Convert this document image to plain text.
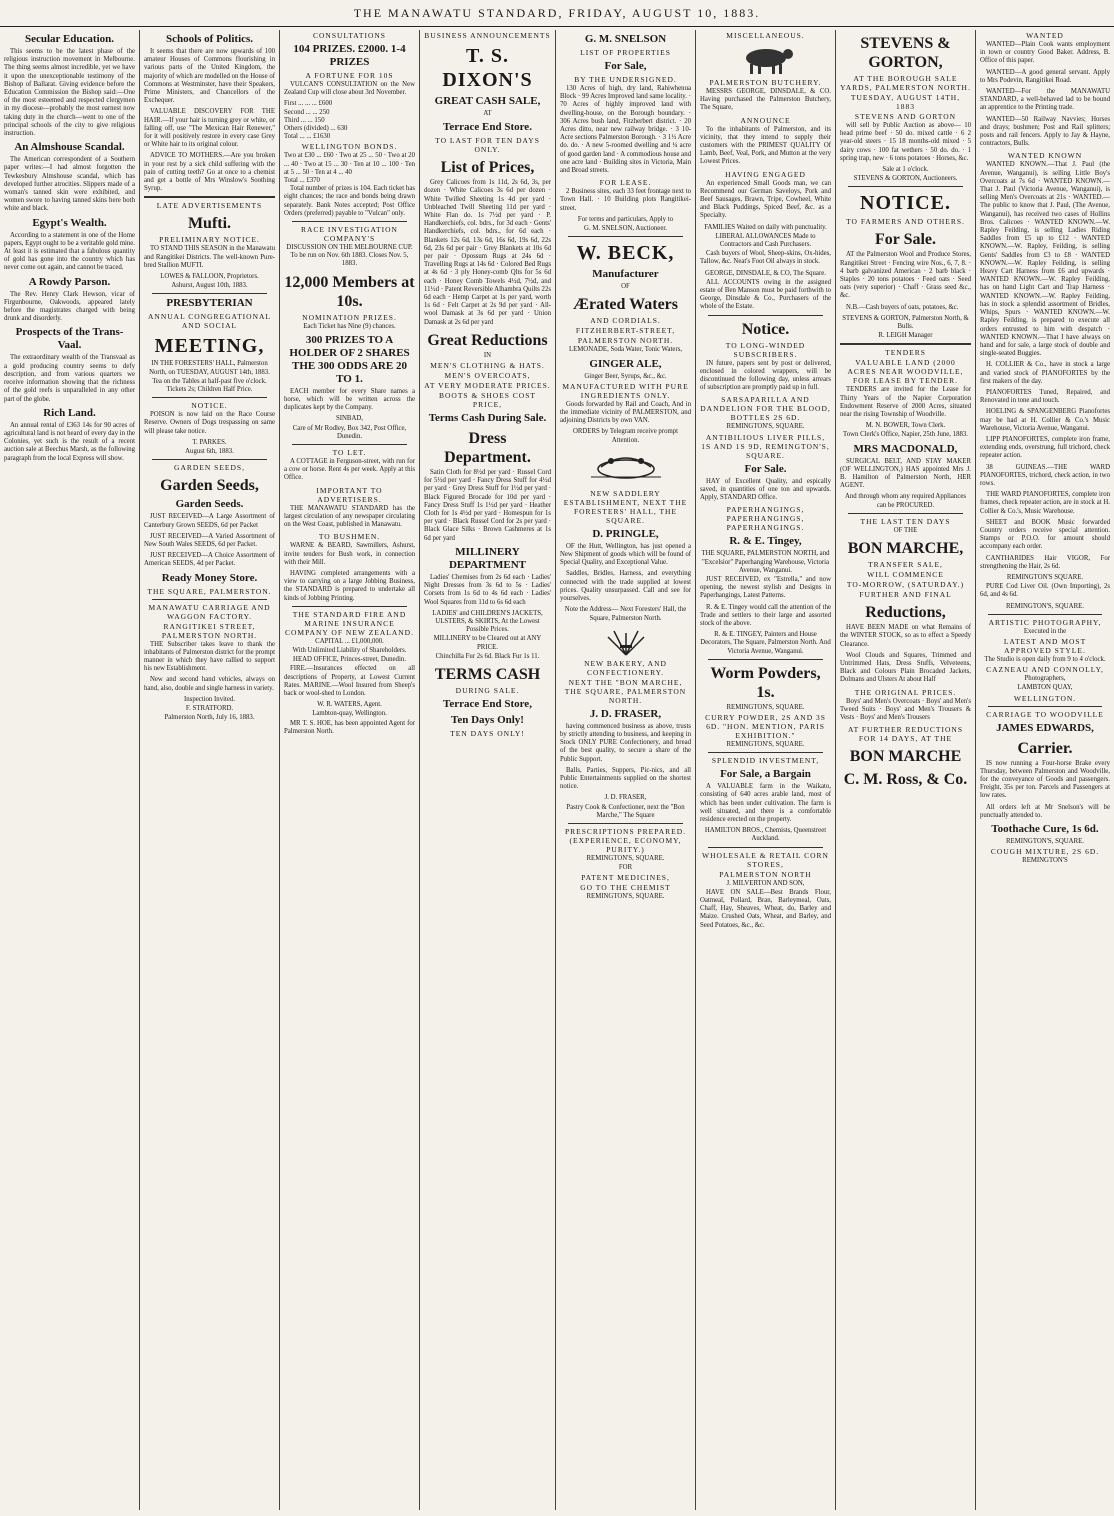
THE MANAWATU STANDARD, FRIDAY, AUGUST 10, 1883.
Secular Education.
This seems to be the latest phase of the religious instruction movement in Melbourne. The thing seems almost incredible, yet we have it upon the unexceptionable testimony of the Bishop of Ballarat. Giving evidence before the Education Commission the Bishop said:—One of the most esteemed and respected clergymen in my diocese—probably the most earnest now taking duty in the church—went to one of the principal schools of the city to give religious instruction.
An Almshouse Scandal.
The American correspondent of a Southern paper writes:—I had almost forgotten the Tewkesbury Almshouse scandal, which has developed further atrocities. Slippers made of a woman's tanned skin were exhibited, and women swore to having tanned skins here both white and black.
Egypt's Wealth.
According to a statement in one of the Home papers, Egypt ought to be a veritable gold mine. At least it is estimated that a fabulous quantity of gold has gone into the country which has never come out again, and cannot be traced.
A Rowdy Parson.
The Rev. Henry Clark Hewson, vicar of Firgunbourne, Oakwoods, appeared lately before the magistrates charged with being drunk and disorderly.
Prospects of the Trans-Vaal.
The extraordinary wealth of the Transvaal as a gold producing country seems to defy description, and from various quarters we receive information showing that the richness of the gold reefs is unparalleled in any other part of the globe.
Rich Land.
An annual rental of £363 14s for 90 acres of agricultural land is not heard of every day in the Colonies, yet such is the result of a recent auction sale at Beechus Marsh, as the following paragraph from the local Express will show.
Schools of Politics.
It seems that there are now upwards of 100 amateur Houses of Commons flourishing in various parts of the United Kingdom, the majority of which are modelled on the House of Commons at Westminster, have their Speakers, Prime Ministers, and Chancellors of the Exchequer.
VALUABLE DISCOVERY FOR THE HAIR.—If your hair is turning grey or white, or falling off, use "The Mexican Hair Renewer," for it will positively restore in every case Grey or White hair to its original colour.
ADVICE TO MOTHERS.—Are you broken in your rest by a sick child suffering with the pain of cutting teeth? Go at once to a chemist and get a bottle of Mrs Winslow's Soothing Syrup.
LATE ADVERTISEMENTS
Mufti.
PRELIMINARY NOTICE.
TO STAND THIS SEASON in the Manawatu and Rangitikei Districts. The well-known Pure-bred Stallion MUFTI.
LOWES & FALLOON, Proprietors.
Ashurst, August 10th, 1883.
PRESBYTERIAN
ANNUAL CONGREGATIONAL AND SOCIAL
MEETING,
IN THE FORESTERS' HALL, Palmerston North, on TUESDAY, AUGUST 14th, 1883.
Tea on the Tables at half-past five o'clock. Tickets 2s; Children Half Price.
NOTICE.
POISON is now laid on the Race Course Reserve. Owners of Dogs trespassing on same will please take notice.
T. PARKES.
August 6th, 1883.
GARDEN SEEDS,
Garden Seeds,
Garden Seeds.
JUST RECEIVED—A Large Assortment of Canterbury Grown SEEDS, 6d per Packet
JUST RECEIVED—A Varied Assortment of New South Wales SEEDS, 6d per Packet.
JUST RECEIVED—A Choice Assortment of American SEEDS, 4d per Packet.
Ready Money Store.
THE SQUARE, PALMERSTON.
MANAWATU CARRIAGE AND WAGGON FACTORY.
RANGITIKEI STREET, PALMERSTON NORTH.
THE Subscriber takes leave to thank the inhabitants of Palmerston district for the prompt manner in which they have rallied to support his new Establishment.
New and second hand vehicles, always on hand, also, double and single harness in variety.
Inspection Invited.
F. STRATFORD.
Palmerston North, July 16, 1883.
CONSULTATIONS
104 PRIZES. £2000. 1-4 PRIZES
A FORTUNE FOR 10S
VULCAN'S CONSULTATION on the New Zealand Cup will close about 3rd November.
First ... ... ... £600
Second ... ... 250
Third ... ... 150
Others (divided) ... 630
Total ... ... £1630
WELLINGTON BONDS.
Two at £30 ... £60 · Two at 25 ... 50 · Two at 20 ... 40 · Two at 15 ... 30 · Ten at 10 ... 100 · Ten at 5 ... 50 · Ten at 4 ... 40
Total ... £370
Total number of prizes is 104. Each ticket has eight chances; the race and bonds being drawn separately. Bank Notes accepted; Post Office Orders (preferred) payable to "Vulcan" only.
RACE INVESTIGATION COMPANY'S
DISCUSSION ON THE MELBOURNE CUP. To be run on Nov. 6th 1883. Closes Nov. 5, 1883.
12,000 Members at 10s.
NOMINATION PRIZES.
Each Ticket has Nine (9) chances.
300 PRIZES TO A HOLDER OF 2 SHARES THE 300 ODDS ARE 20 TO 1.
EACH member for every Share names a horse, which will be written across the duplicates kept by the Company.
SINBAD,
Care of Mr Rodley, Box 342, Post Office, Dunedin.
TO LET.
A COTTAGE in Ferguson-street, with run for a cow or horse. Rent 4s per week. Apply at this Office.
IMPORTANT TO ADVERTISERS.
THE MANAWATU STANDARD has the largest circulation of any newspaper circulating on the West Coast, published in Manawatu.
TO BUSHMEN.
WARNE & BEARD, Sawmillers, Ashurst, invite tenders for Bush work, in connection with their Mill.
HAVING completed arrangements with a view to carrying on a large Jobbing Business, the STANDARD is prepared to undertake all kinds of Jobbing Printing.
THE STANDARD FIRE AND MARINE INSURANCE COMPANY OF NEW ZEALAND.
CAPITAL ... £1,000,000.
With Unlimited Liability of Shareholders.
HEAD OFFICE, Princes-street, Dunedin.
FIRE.—Insurances effected on all descriptions of Property, at Lowest Current Rates. MARINE.—Wool Insured from Sheep's back or wool-shed to London.
W. R. WATERS, Agent.
Lambton-quay, Wellington.
MR T. S. HOE, has been appointed Agent for Palmerston North.
BUSINESS ANNOUNCEMENTS
T. S. DIXON'S
GREAT CASH SALE,
AT
Terrace End Store.
TO LAST FOR TEN DAYS ONLY.
List of Prices,
Grey Calicoes from 1s 11d, 2s 6d, 3s, per dozen · White Calicoes 3s 6d per dozen · White Twilled Sheeting 1s 4d per yard · Unbleached Twill Sheeting 11d per yard · White Flan do. 1s 7½d per yard · P. Handkerchiefs, col. bdrs., for 3d each · Gents' Handkerchiefs, col. bdrs., for 6d each · Blankets 12s 6d, 13s 6d, 16s 6d, 19s 6d, 22s 6d, 23s 6d per pair · Grey Blankets at 10s 6d per pair · Opossum Rugs at 24s 6d · Travelling Rugs at 14s 6d · Colored Bed Rugs at 4s 6d · 3 ply Honey-comb Qlts for 5s 6d each · Honey Comb Towels 4½d, 7½d, and 11½d · Patent Reversible Alhambra Quilts 22s 6d each · Hemp Carpet at 1s per yard, worth 1s 6d · Felt Carpet at 2s 9d per yard · All-wool Damask at 3s 6d per yard · Union Damask at 2s 6d per yard
Great Reductions
IN
MEN'S CLOTHING & HATS.
MEN'S OVERCOATS,
AT VERY MODERATE PRICES.
BOOTS & SHOES COST PRICE,
Terms Cash During Sale.
Dress Department.
Satin Cloth for 8½d per yard · Russel Cord for 5½d per yard · Fancy Dress Stuff for 4½d per yard · Grey Dress Stuff for 1½d per yard · Black Figured Brocade for 10d per yard · Fancy Dress Stuff 1s 1½d per yard · Heather Cloth for 1s 4½d per yard · Homespun for 1s per yard · Black Russel Cord for 2s per yard · Black Glace Silks · Brown Cashmeres at 1s 6d per yard
MILLINERY DEPARTMENT
Ladies' Chemises from 2s 6d each · Ladies' Night Dresses from 3s 6d to 5s · Ladies' Corsets from 1s 6d to 4s 6d each · Ladies' Wool Squares from 11d to 6s 6d each
LADIES' and CHILDREN'S JACKETS, ULSTERS, & SKIRTS, At the Lowest Possible Prices.
MILLINERY to be Cleared out at ANY PRICE.
Chinchilla Fur 2s 6d. Black Fur 1s 11.
TERMS CASH
DURING SALE.
Terrace End Store,
Ten Days Only!
TEN DAYS ONLY!
G. M. SNELSON
LIST OF PROPERTIES
For Sale,
BY THE UNDERSIGNED.
130 Acres of high, dry land, Rahiwhenua Block · 99 Acres Improved land same locality. · 70 Acres of highly improved land with dwelling-house, on the Borough boundary. · 306 Acres bush land, Fitzherbert district. · 20 Acres ditto, near new railway bridge. · 3 10-Acre sections Palmerston Borough. · 3 1½ Acre do. do. · A new 5-roomed dwelling and ¼ acre of good garden land · A commodious house and one acre land · Building sites in Victoria, Main and Broad streets.
FOR LEASE.
2 Business sites, each 33 feet frontage next to Town Hall. · 10 Building plots Rangitikei-street.
For terms and particulars, Apply to
G. M. SNELSON, Auctioneer.
W. BECK,
Manufacturer
OF
Ærated Waters
AND CORDIALS.
FITZHERBERT-STREET,
PALMERSTON NORTH.
LEMONADE, Soda Water, Tonic Waters,
GINGER ALE,
Ginger Beer, Syrups, &c., &c.
MANUFACTURED WITH PURE INGREDIENTS ONLY.
Goods forwarded by Rail and Coach, And in the immediate vicinity of PALMERSTON, and adjoining Districts by own VAN.
ORDERS by Telegram receive prompt Attention.
NEW SADDLERY ESTABLISHMENT, NEXT THE FORESTERS' HALL, THE SQUARE.
D. PRINGLE,
OF the Hutt, Wellington, has just opened a New Shipment of goods which will be found of Special Quality, and Exceptional Value.
Saddles, Bridles, Harness, and everything connected with the trade supplied at lowest prices. Quality unsurpassed. Call and see for yourselves.
Note the Address— Next Foresters' Hall, the Square, Palmerston North.
NEW BAKERY, AND CONFECTIONERY.
NEXT THE "BON MARCHE, THE SQUARE, PALMERSTON NORTH.
J. D. FRASER,
having commenced business as above, trusts by strictly attending to business, and keeping in Stock ONLY PURE Confectionery, and bread of the best quality, to secure a share of the Public Support.
Balls, Parties, Suppers, Pic-nics, and all Public Entertainments supplied on the shortest notice.
J. D. FRASER,
Pastry Cook & Confectioner, next the "Bon Marche," The Square
PRESCRIPTIONS PREPARED. (EXPERIENCE, ECONOMY, PURITY.)
REMINGTON'S, SQUARE.
FOR
PATENT MEDICINES,
GO TO THE CHEMIST
REMINGTON'S, SQUARE.
MISCELLANEOUS.
PALMERSTON BUTCHERY.
MESSRS GEORGE, DINSDALE, & CO. Having purchased the Palmerston Butchery, The Square,
ANNOUNCE
To the inhabitants of Palmerston, and its vicinity, that they intend to supply their customers with the PRIMEST QUALITY Of Lamb, Beef, Veal, Pork, and Mutton at the very Lowest Prices.
HAVING ENGAGED
An experienced Small Goods man, we can Recommend our German Saveloys, Pork and Beef Sausages, Brawn, Tripe, Cowheel, White and Black Puddings, Spiced Beef, &c. as a Specialty.
FAMILIES Waited on daily with punctuality.
LIBERAL ALLOWANCES Made to Contractors and Cash Purchasers.
Cash buyers of Wool, Sheep-skins, Ox-hides, Tallow, &c. Neat's Foot Oil always in stock.
GEORGE, DINSDALE, & CO, The Square.
ALL ACCOUNTS owing in the assigned estate of Ben Manson must be paid forthwith to George, Dinsdale & Co., Purchasers of the whole of the Estate.
Notice.
TO LONG-WINDED SUBSCRIBERS.
IN future, papers sent by post or delivered, enclosed in colored wrappers, will be discontinued the following day, unless arrears of subscription are promptly paid up in full.
SARSAPARILLA AND DANDELION FOR THE BLOOD, BOTTLES 2S 6D.
REMINGTON'S, SQUARE.
ANTIBILIOUS LIVER PILLS, 1S AND 1S 9D, REMINGTON'S, SQUARE.
For Sale.
HAY of Excellent Quality, and espically saved, in quantities of one ton and upwards. Apply, STANDARD Office.
PAPERHANGINGS, PAPERHANGINGS, PAPERHANGINGS.
R. & E. Tingey,
THE SQUARE, PALMERSTON NORTH, and "Excelsior" Paperhanging Warehouse, Victoria Avenue, Wanganui.
JUST RECEIVED, ex "Estrella," and now opening, the newest stylish and Designs in Paperhangings, Latest Patterns.
R. & E. Tingey would call the attention of the Trade and settlers to their large and assorted stock of the above.
R. & E. TINGEY, Painters and House Decorators, The Square, Palmerston North. And Victoria Avenue, Wanganui.
Worm Powders, 1s.
REMINGTON'S, SQUARE.
CURRY POWDER, 2S AND 3S 6D. "HON. MENTION, PARIS EXHIBITION."
REMINGTON'S, SQUARE.
SPLENDID INVESTMENT,
For Sale, a Bargain
A VALUABLE farm in the Waikato, consisting of 640 acres arable land, most of which has been under cultivation. The farm is well situated, and there is a comfortable residence erected on the property.
HAMILTON BROS., Chemists, Queenstreet Auckland.
WHOLESALE & RETAIL CORN STORES,
PALMERSTON NORTH
J. MILVERTON AND SON,
HAVE ON SALE—Best Brands Flour, Oatmeal, Pollard, Bran, Barleymeal, Oats, Chaff, Hay, Sheaves, Wheat, do, Barley and Maize. Crushed Oats, Wheat, and Barley, and Seed Potatoes, &c., &c.
STEVENS & GORTON,
AT THE BOROUGH SALE YARDS, PALMERSTON NORTH.
TUESDAY, AUGUST 14TH, 1883
STEVENS AND GORTON
will sell by Public Auction as above— 10 head prime beef · 50 do. mixed cattle · 6 2 year-old steers · 15 18 months-old mixed · 5 dairy cows · 100 fat wethers · 50 do. do. · 1 spring trap, new · 6 tons potatoes · Horses, &c.
Sale at 1 o'clock.
STEVENS & GORTON, Auctioneers.
NOTICE.
TO FARMERS AND OTHERS.
For Sale.
AT the Palmerston Wool and Produce Stores, Rangitikei Street · Fencing wire Nos., 6, 7, 8. · 4 barb galvanized American · 2 barb black · Staples · 20 tons potatoes · Feed oats · Seed oats (very superior) · Chaff · Grass seed &c., &c.
N.B.—Cash buyers of oats, potatoes, &c.
STEVENS & GORTON, Palmerston North, & Bulls.
R. LEIGH Manager
TENDERS
VALUABLE LAND (2000 ACRES NEAR WOODVILLE, FOR LEASE BY TENDER.
TENDERS are invited for the Lease for Thirty Years of the Napier Corporation Endowment Reserve of 2000 Acres, situated near the rising Township of Woodville.
M. N. BOWER, Town Clerk.
Town Clerk's Office, Napier, 25th June, 1883.
MRS MACDONALD,
SURGICAL BELT, AND STAY MAKER (OF WELLINGTON,) HAS appointed Mrs J. B. Hamilton of Palmerston North, HER AGENT.
And through whom any required Appliances can be PROCURED.
THE LAST TEN DAYS
OF THE
BON MARCHE,
TRANSFER SALE,
WILL COMMENCE
TO-MORROW, (SATURDAY.)
FURTHER AND FINAL
Reductions,
HAVE BEEN MADE on what Remains of the WINTER STOCK, so as to effect a Speedy Clearance.
Wool Clouds and Squares, Trimmed and Untrimmed Hats, Dress Stuffs, Velveteens, Black and Colours Plain Brocaded Jackets, Dolmans and Ulsters At about Half
THE ORIGINAL PRICES.
Boys' and Men's Overcoats · Boys' and Men's Tweed Suits · Boys' and Men's Trousers & Vests · Boys' and Men's Trousers
AT FURTHER REDUCTIONS FOR 14 DAYS, AT THE
BON MARCHE
C. M. Ross, & Co.
WANTED
WANTED—Plain Cook wants employment in town or country Good Baker. Address, B. Office of this paper.
WANTED—A good general servant. Apply to Mrs Podevin, Rangitikei Road.
WANTED—For the MANAWATU STANDARD, a well-behaved lad to be bound an apprentice to the Printing trade.
WANTED—50 Railway Navvies; Horses and drays; bushmen; Post and Rail splitters; posts and rail fencers. Apply to Jay & Hayne, contractors, Bulls.
WANTED KNOWN
WANTED KNOWN.—That J. Paul (the Avenue, Wanganui), is selling Little Boy's Overcoats at 7s 6d · WANTED KNOWN.—That J. Paul (Victoria Avenue, Wanganui), is selling Men's Overcoats at 21s · WANTED.—The public to know that J. Paul, (The Avenue, Wanganui), has received two cases of Hollins Bros. Calicoes · WANTED KNOWN.—W. Rapley Feilding, is selling Ladies Riding Saddles from £5 up to £12 · WANTED KNOWN.—W. Rapley, Feilding, is selling Gents' Saddles from £3 to £8 · WANTED KNOWN.—W. Rapley Feilding, is selling Heavy Cart Harness from £6 and upwards · WANTED KNOWN.—W. Rapley Feilding, has on hand Light Cart and Trap Harness · WANTED KNOWN.—W. Rapley Feilding, has in stock a splendid assortment of Bridles, Whips, Spurs · WANTED KNOWN.—W. Rapley Feilding, is prepared to execute all orders entrusted to him with despatch · WANTED KNOWN.—That I have always on hand and for sale, a large stock of double and single-seated Buggies.
H. COLLIER & Co., have in stock a large and varied stock of PIANOFORTES by the first makers of the day.
PIANOFORTES Tuned, Repaired, and Renovated in tone and touch.
HOELING & SPANGENBERG Pianofortes may be had at H. Collier & Co.'s Music Warehouse, Victoria Avenue, Wanganui.
LIPP PIANOFORTES, complete iron frame, extending ends, overstrung, full trichord, check repeater action.
38 GUINEAS.—THE WARD PIANOFORTES, trichord, check action, in two rows.
THE WARD PIANOFORTES, complete iron frames, check repeater action, are in stock at H. Collier & Co.'s, Music Warehouse.
SHEET and BOOK Music forwarded Country orders receive special attention. Stamps or P.O.O. for amount should accompany each order.
CANTHARIDES Hair VIGOR, For strengthening the Hair, 2s 6d.
REMINGTON'S SQUARE.
PURE Cod Liver Oil. (Own Importing), 2s 6d, and 4s 6d.
REMINGTON'S, SQUARE.
ARTISTIC PHOTOGRAPHY,
Executed in the
LATEST AND MOST APPROVED STYLE.
The Studio is open daily from 9 to 4 o'clock.
CAZNEAU AND CONNOLLY,
Photographers,
LAMBTON QUAY,
WELLINGTON.
CARRIAGE TO WOODVILLE
JAMES EDWARDS,
Carrier.
IS now running a Four-horse Brake every Thursday, between Palmerston and Woodville, for the conveyance of Goods and passengers. Freight, 35s per ton. Parcels and Passengers at low rates.
All orders left at Mr Snelson's will be punctually attended to.
Toothache Cure, 1s 6d.
REMINGTON'S, SQUARE.
COUGH MIXTURE, 2S 6D.
REMINGTON'S
